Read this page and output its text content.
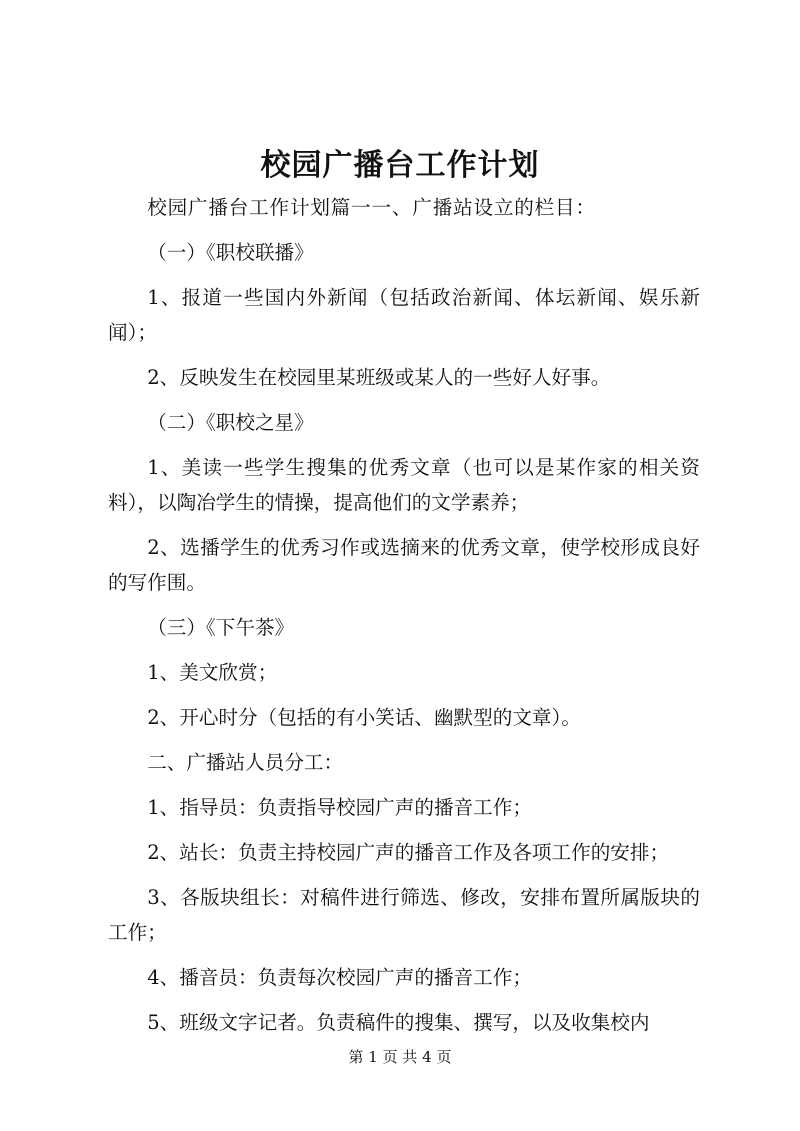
校园广播台工作计划

校园广播台工作计划篇一一、广播站设立的栏目：

（一）《职校联播》

1、报道一些国内外新闻（包括政治新闻、体坛新闻、娱乐新闻）；

2、反映发生在校园里某班级或某人的一些好人好事。

（二）《职校之星》

1、美读一些学生搜集的优秀文章（也可以是某作家的相关资料），以陶冶学生的情操，提高他们的文学素养；

2、选播学生的优秀习作或选摘来的优秀文章，使学校形成良好的写作围。

（三）《下午茶》

1、美文欣赏；

2、开心时分（包括的有小笑话、幽默型的文章）。

二、广播站人员分工：

1、指导员：负责指导校园广声的播音工作；

2、站长：负责主持校园广声的播音工作及各项工作的安排；

3、各版块组长：对稿件进行筛选、修改，安排布置所属版块的工作；

4、播音员：负责每次校园广声的播音工作；

5、班级文字记者。负责稿件的搜集、撰写，以及收集校内

第 1 页 共 4 页
